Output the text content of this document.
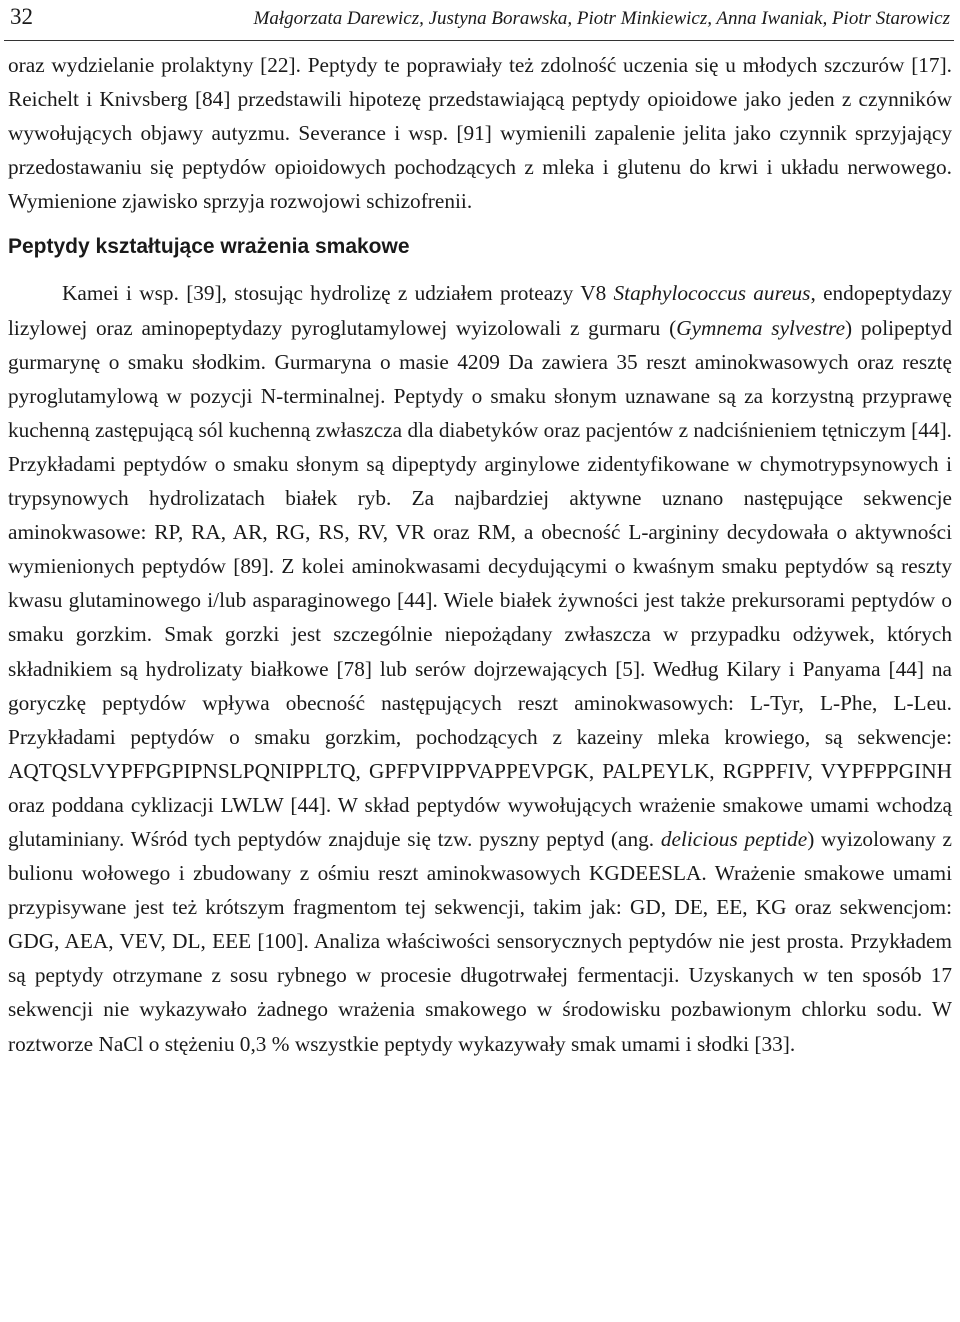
32	Małgorzata Darewicz, Justyna Borawska, Piotr Minkiewicz, Anna Iwaniak, Piotr Starowicz

oraz wydzielanie prolaktyny [22]. Peptydy te poprawiały też zdolność uczenia się u młodych szczurów [17]. Reichelt i Knivsberg [84] przedstawili hipotezę przedstawiającą peptydy opioidowe jako jeden z czynników wywołujących objawy autyzmu. Severance i wsp. [91] wymienili zapalenie jelita jako czynnik sprzyjający przedostawaniu się peptydów opioidowych pochodzących z mleka i glutenu do krwi i układu nerwowego. Wymienione zjawisko sprzyja rozwojowi schizofrenii.

Peptydy kształtujące wrażenia smakowe

Kamei i wsp. [39], stosując hydrolizę z udziałem proteazy V8 Staphylococcus aureus, endopeptydazy lizylowej oraz aminopeptydazy pyroglutamylowej wyizolowali z gurmaru (Gymnema sylvestre) polipeptyd gurmarynę o smaku słodkim. Gurmaryna o masie 4209 Da zawiera 35 reszt aminokwasowych oraz resztę pyroglutamylową w pozycji N-terminalnej. Peptydy o smaku słonym uznawane są za korzystną przyprawę kuchenną zastępującą sól kuchenną zwłaszcza dla diabetyków oraz pacjentów z nadciśnieniem tętniczym [44]. Przykładami peptydów o smaku słonym są dipeptydy arginylowe zidentyfikowane w chymotrypsynowych i trypsynowych hydrolizatach białek ryb. Za najbardziej aktywne uznano następujące sekwencje aminokwasowe: RP, RA, AR, RG, RS, RV, VR oraz RM, a obecność L-argininy decydowała o aktywności wymienionych peptydów [89]. Z kolei aminokwasami decydującymi o kwaśnym smaku peptydów są reszty kwasu glutaminowego i/lub asparaginowego [44]. Wiele białek żywności jest także prekursorami peptydów o smaku gorzkim. Smak gorzki jest szczególnie niepożądany zwłaszcza w przypadku odżywek, których składnikiem są hydrolizaty białkowe [78] lub serów dojrzewających [5]. Według Kilary i Panyama [44] na goryczkę peptydów wpływa obecność następujących reszt aminokwasowych: L-Tyr, L-Phe, L-Leu. Przykładami peptydów o smaku gorzkim, pochodzących z kazeiny mleka krowiego, są sekwencje: AQTQSLVYPFPGPIPNSLPQNIPPLTQ, GPFPVIPPVAPPEVPGK, PALPEYLK, RGPPFIV, VYPFPPGINH oraz poddana cyklizacji LWLW [44]. W skład peptydów wywołujących wrażenie smakowe umami wchodzą glutaminiany. Wśród tych peptydów znajduje się tzw. pyszny peptyd (ang. delicious peptide) wyizolowany z bulionu wołowego i zbudowany z ośmiu reszt aminokwasowych KGDEESLA. Wrażenie smakowe umami przypisywane jest też krótszym fragmentom tej sekwencji, takim jak: GD, DE, EE, KG oraz sekwencjom: GDG, AEA, VEV, DL, EEE [100]. Analiza właściwości sensorycznych peptydów nie jest prosta. Przykładem są peptydy otrzymane z sosu rybnego w procesie długotrwałej fermentacji. Uzyskanych w ten sposób 17 sekwencji nie wykazywało żadnego wrażenia smakowego w środowisku pozbawionym chlorku sodu. W roztworze NaCl o stężeniu 0,3 % wszystkie peptydy wykazywały smak umami i słodki [33].
